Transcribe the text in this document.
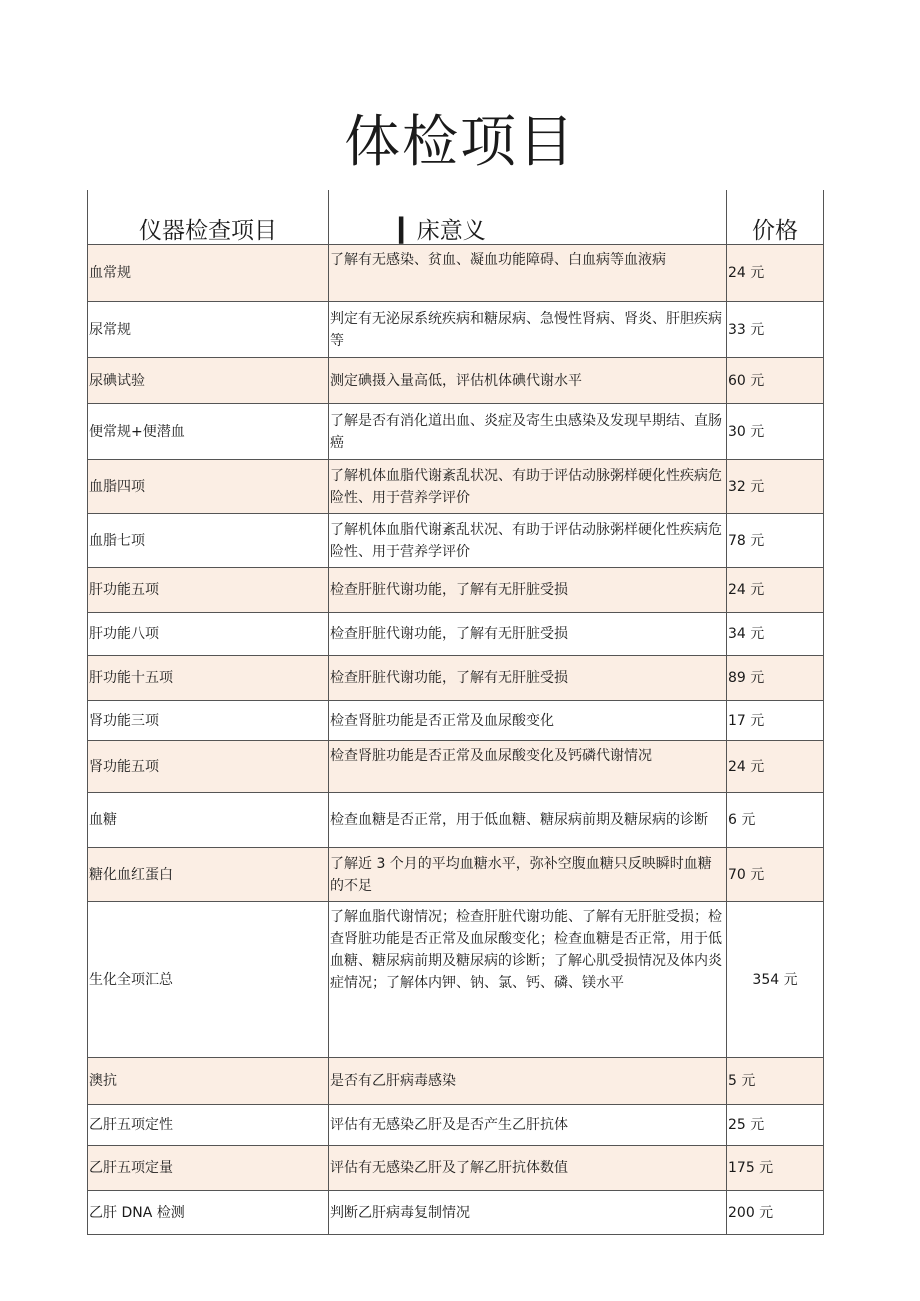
体检项目
仪器检查项目	▎床意义	价格
血常规	了解有无感染、贫血、凝血功能障碍、白血病等血液病	24 元
尿常规	判定有无泌尿系统疾病和糖尿病、急慢性肾病、肾炎、肝胆疾病等	33 元
尿碘试验	测定碘摄入量高低，评估机体碘代谢水平	60 元
便常规+便潜血	了解是否有消化道出血、炎症及寄生虫感染及发现早期结、直肠癌	30 元
血脂四项	了解机体血脂代谢紊乱状况、有助于评估动脉粥样硬化性疾病危险性、用于营养学评价	32 元
血脂七项	了解机体血脂代谢紊乱状况、有助于评估动脉粥样硬化性疾病危险性、用于营养学评价	78 元
肝功能五项	检查肝脏代谢功能，了解有无肝脏受损	24 元
肝功能八项	检查肝脏代谢功能，了解有无肝脏受损	34 元
肝功能十五项	检查肝脏代谢功能，了解有无肝脏受损	89 元
肾功能三项	检查肾脏功能是否正常及血尿酸变化	17 元
肾功能五项	检查肾脏功能是否正常及血尿酸变化及钙磷代谢情况	24 元
血糖	检查血糖是否正常，用于低血糖、糖尿病前期及糖尿病的诊断	6 元
糖化血红蛋白	了解近 3 个月的平均血糖水平，弥补空腹血糖只反映瞬时血糖的不足	70 元
生化全项汇总	了解血脂代谢情况；检查肝脏代谢功能、了解有无肝脏受损；检查肾脏功能是否正常及血尿酸变化；检查血糖是否正常，用于低血糖、糖尿病前期及糖尿病的诊断；了解心肌受损情况及体内炎症情况；了解体内钾、钠、氯、钙、磷、镁水平	354 元
澳抗	是否有乙肝病毒感染	5 元
乙肝五项定性	评估有无感染乙肝及是否产生乙肝抗体	25 元
乙肝五项定量	评估有无感染乙肝及了解乙肝抗体数值	175 元
乙肝 DNA 检测	判断乙肝病毒复制情况	200 元
